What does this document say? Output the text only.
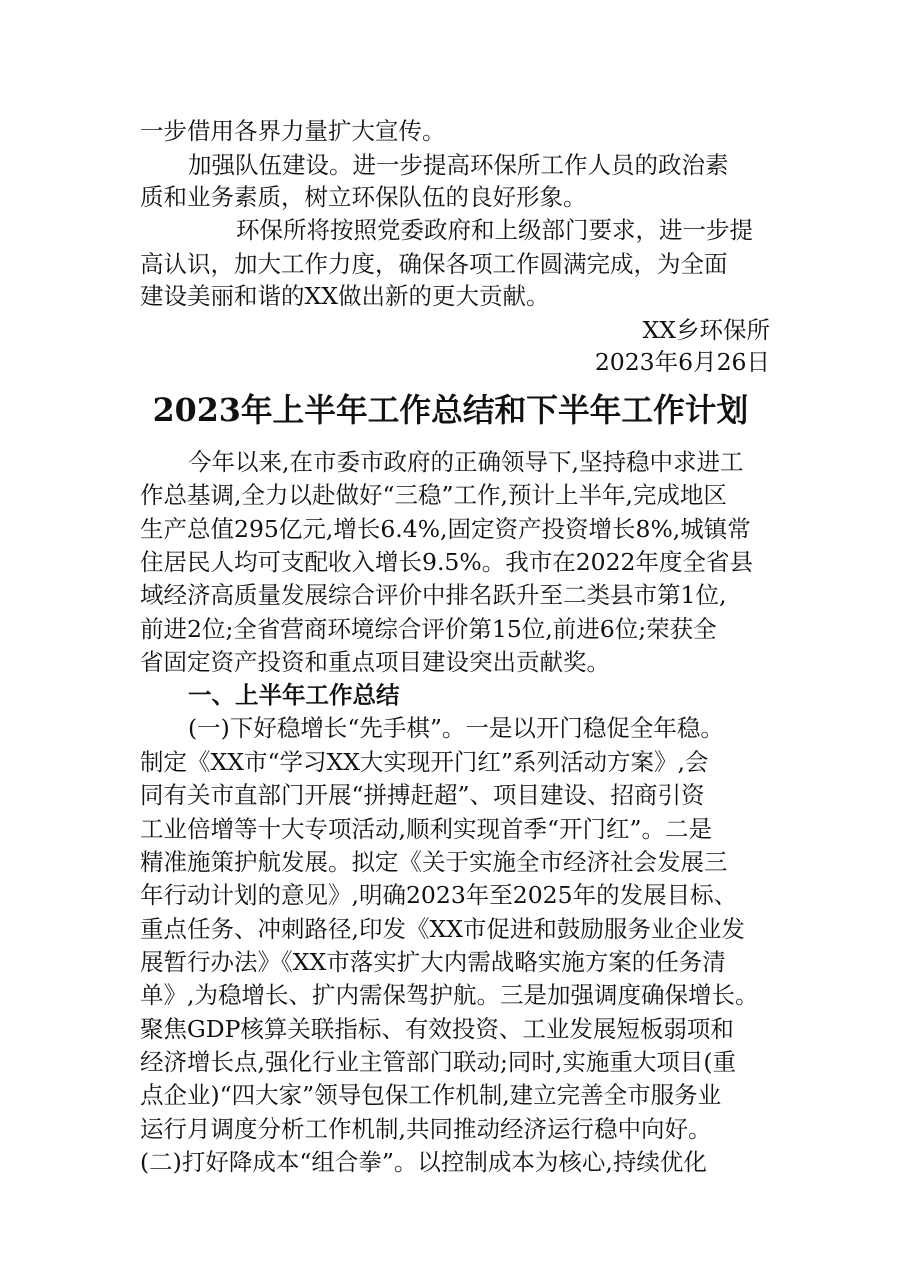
一步借用各界力量扩大宣传。
加强队伍建设。进一步提高环保所工作人员的政治素
质和业务素质，树立环保队伍的良好形象。
环保所将按照党委政府和上级部门要求，进一步提
高认识，加大工作力度，确保各项工作圆满完成，为全面
建设美丽和谐的XX做出新的更大贡献。
XX乡环保所
2023年6月26日
2023年上半年工作总结和下半年工作计划
今年以来,在市委市政府的正确领导下,坚持稳中求进工
作总基调,全力以赴做好“三稳”工作,预计上半年,完成地区
生产总值295亿元,增长6.4%,固定资产投资增长8%,城镇常
住居民人均可支配收入增长9.5%。我市在2022年度全省县
域经济高质量发展综合评价中排名跃升至二类县市第1位,
前进2位;全省营商环境综合评价第15位,前进6位;荣获全
省固定资产投资和重点项目建设突出贡献奖。
一、上半年工作总结
(一)下好稳增长“先手棋”。一是以开门稳促全年稳。
制定《XX市“学习XX大实现开门红”系列活动方案》,会
同有关市直部门开展“拼搏赶超”、项目建设、招商引资
工业倍增等十大专项活动,顺利实现首季“开门红”。二是
精准施策护航发展。拟定《关于实施全市经济社会发展三
年行动计划的意见》,明确2023年至2025年的发展目标、
重点任务、冲刺路径,印发《XX市促进和鼓励服务业企业发
展暂行办法》《XX市落实扩大内需战略实施方案的任务清
单》,为稳增长、扩内需保驾护航。三是加强调度确保增长。
聚焦GDP核算关联指标、有效投资、工业发展短板弱项和
经济增长点,强化行业主管部门联动;同时,实施重大项目(重
点企业)“四大家”领导包保工作机制,建立完善全市服务业
运行月调度分析工作机制,共同推动经济运行稳中向好。
(二)打好降成本“组合拳”。以控制成本为核心,持续优化
